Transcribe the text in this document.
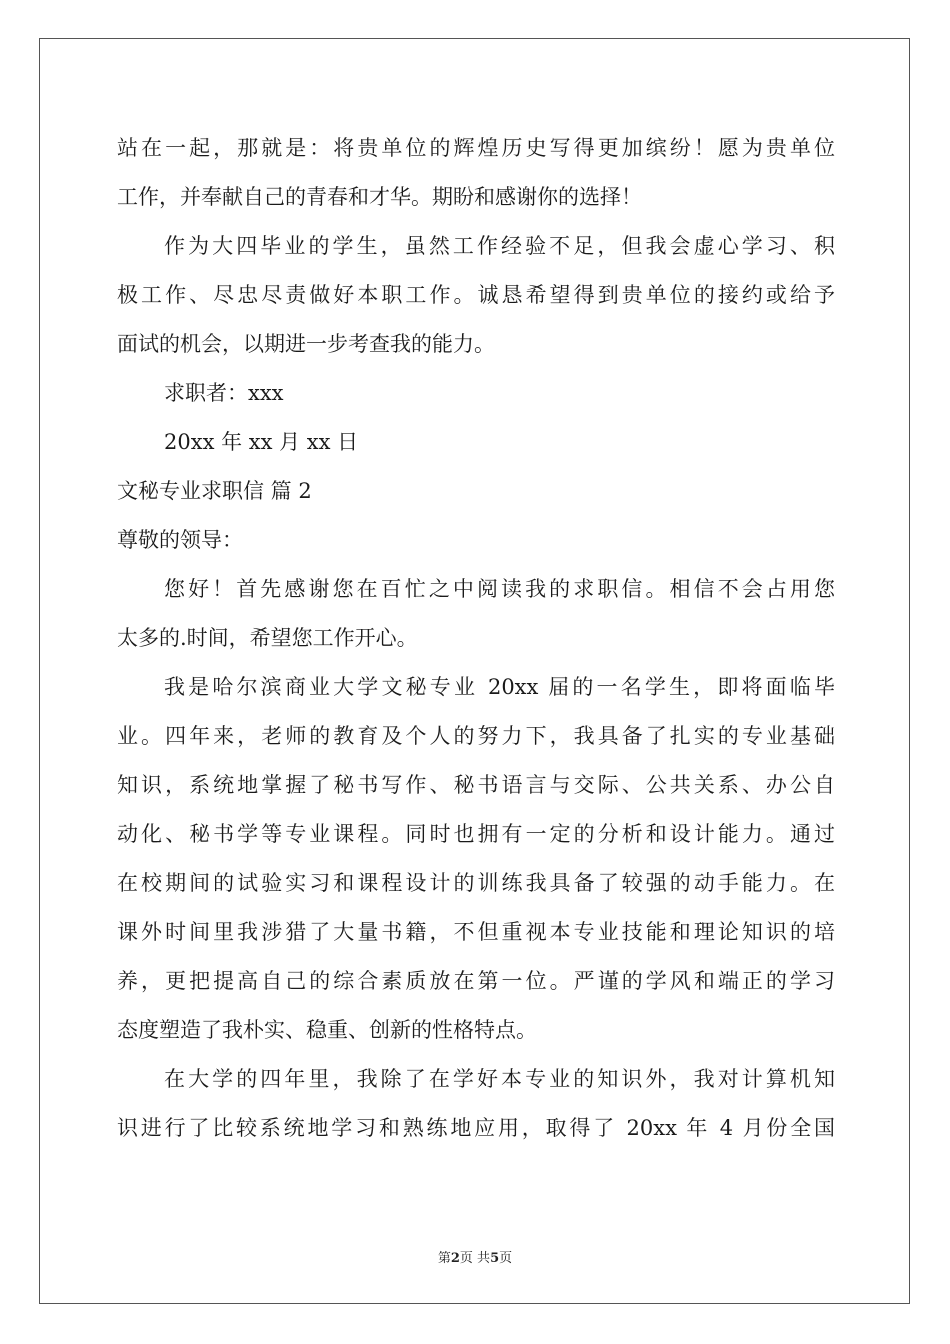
站在一起，那就是：将贵单位的辉煌历史写得更加缤纷！愿为贵单位
工作，并奉献自己的青春和才华。期盼和感谢你的选择！
作为大四毕业的学生，虽然工作经验不足，但我会虚心学习、积
极工作、尽忠尽责做好本职工作。诚恳希望得到贵单位的接约或给予
面试的机会，以期进一步考查我的能力。
求职者：xxx
20xx 年 xx 月 xx 日
文秘专业求职信 篇 2
尊敬的领导：
您好！首先感谢您在百忙之中阅读我的求职信。相信不会占用您
太多的.时间，希望您工作开心。
我是哈尔滨商业大学文秘专业 20xx 届的一名学生，即将面临毕
业。四年来，老师的教育及个人的努力下，我具备了扎实的专业基础
知识，系统地掌握了秘书写作、秘书语言与交际、公共关系、办公自
动化、秘书学等专业课程。同时也拥有一定的分析和设计能力。通过
在校期间的试验实习和课程设计的训练我具备了较强的动手能力。在
课外时间里我涉猎了大量书籍，不但重视本专业技能和理论知识的培
养，更把提高自己的综合素质放在第一位。严谨的学风和端正的学习
态度塑造了我朴实、稳重、创新的性格特点。
在大学的四年里，我除了在学好本专业的知识外，我对计算机知
识进行了比较系统地学习和熟练地应用，取得了 20xx 年 4 月份全国
第2页 共5页
